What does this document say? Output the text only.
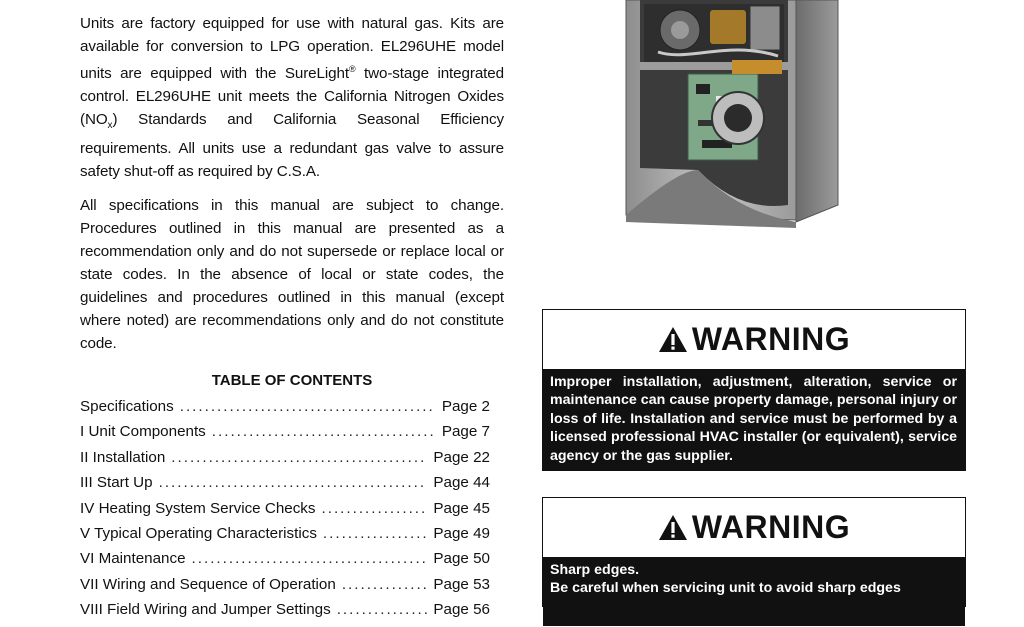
Units are factory equipped for use with natural gas. Kits are available for conversion to LPG operation. EL296UHE model units are equipped with the SureLight® two-stage integrated control. EL296UHE unit meets the California Nitrogen Oxides $(NO_x)$ Standards and California Seasonal Efficiency requirements. All units use a redundant gas valve to assure safety shut-off as required by C.S.A.

All specifications in this manual are subject to change. Procedures outlined in this manual are presented as a recommendation only and do not supersede or replace local or state codes. In the absence of local or state codes, the guidelines and procedures outlined in this manual (except where noted) are recommendations only and do not constitute code.

TABLE OF CONTENTS
Specifications .....	Page 2
I Unit Components .....	Page 7
II Installation .....	Page 22
III Start Up .....	Page 44
IV Heating System Service Checks .....	Page 45
V Typical Operating Characteristics .....	Page 49
VI Maintenance .....	Page 50
VII Wiring and Sequence of Operation .....	Page 53
VIII Field Wiring and Jumper Settings .....	Page 56
WARNING
Improper installation, adjustment, alteration, service or maintenance can cause property damage, personal injury or loss of life. Installation and service must be performed by a licensed professional HVAC installer (or equivalent), service agency or the gas supplier.
WARNING
Sharp edges.
Be careful when servicing unit to avoid sharp edges
